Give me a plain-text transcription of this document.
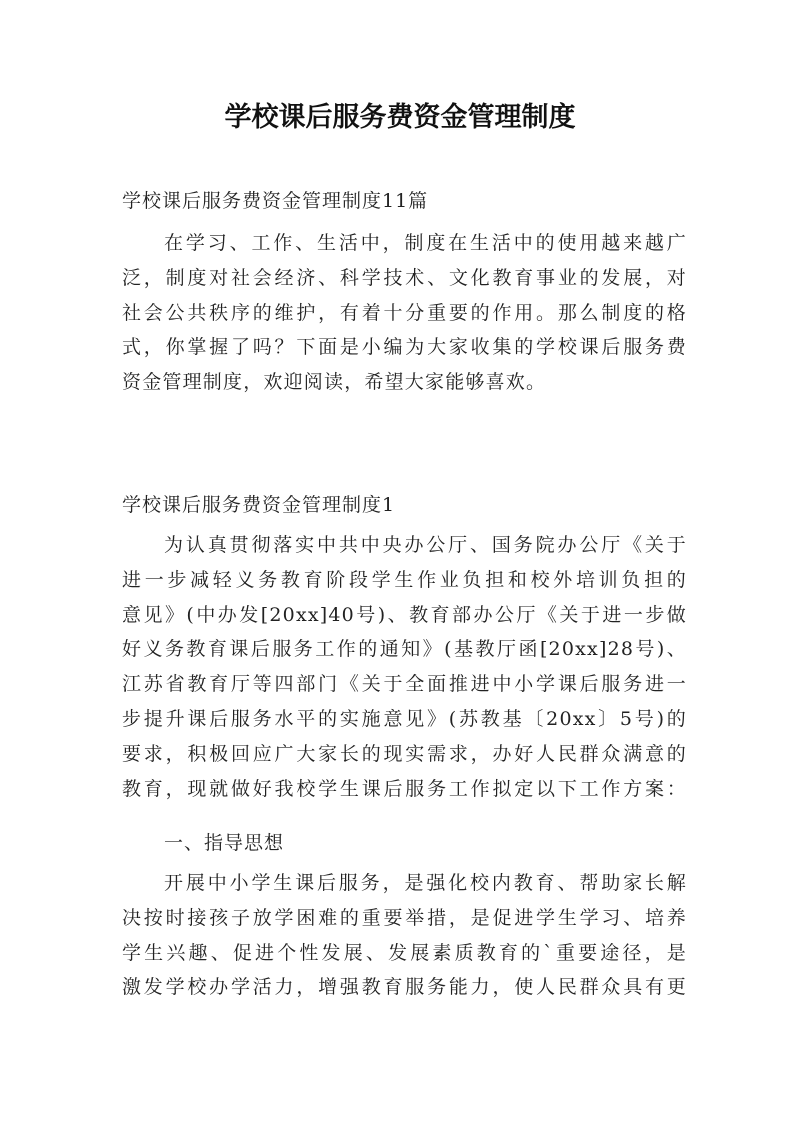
学校课后服务费资金管理制度
学校课后服务费资金管理制度11篇
在学习、工作、生活中，制度在生活中的使用越来越广
泛，制度对社会经济、科学技术、文化教育事业的发展，对
社会公共秩序的维护，有着十分重要的作用。那么制度的格
式，你掌握了吗？下面是小编为大家收集的学校课后服务费
资金管理制度，欢迎阅读，希望大家能够喜欢。
学校课后服务费资金管理制度1
为认真贯彻落实中共中央办公厅、国务院办公厅《关于
进一步减轻义务教育阶段学生作业负担和校外培训负担的
意见》(中办发[20xx]40号)、教育部办公厅《关于进一步做
好义务教育课后服务工作的通知》(基教厅函[20xx]28号)、
江苏省教育厅等四部门《关于全面推进中小学课后服务进一
步提升课后服务水平的实施意见》(苏教基〔20xx〕5号)的
要求，积极回应广大家长的现实需求，办好人民群众满意的
教育，现就做好我校学生课后服务工作拟定以下工作方案：
一、指导思想
开展中小学生课后服务，是强化校内教育、帮助家长解
决按时接孩子放学困难的重要举措，是促进学生学习、培养
学生兴趣、促进个性发展、发展素质教育的`重要途径，是
激发学校办学活力，增强教育服务能力，使人民群众具有更
